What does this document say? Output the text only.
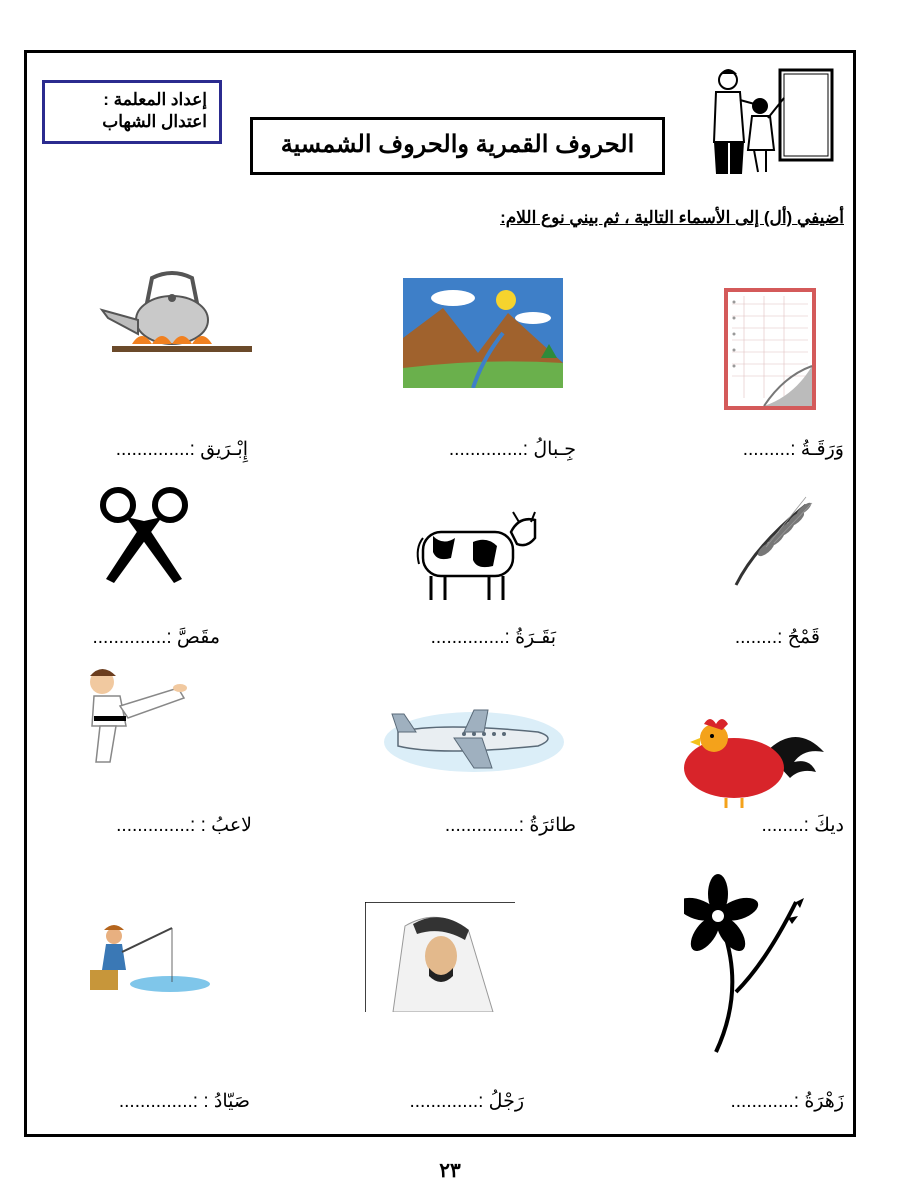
إعداد المعلمة :
اعتدال الشهاب
الحروف القمرية والحروف الشمسية
أضيفي (أل) إلى الأسماء التالية ، ثم بيني نوع اللام:
وَرَقَـةُ :.........
جِـبالُ :..............
إِبْـرَيق :..............
قَمْحُ :........
بَقَـرَةُ :..............
مقَصَّ :..............
ديكَ :........
طائرَةُ :..............
لاعبُ : :..............
زَهْرَةُ :............
رَجْلُ :.............
صَيّادُ : :..............
٢٣
